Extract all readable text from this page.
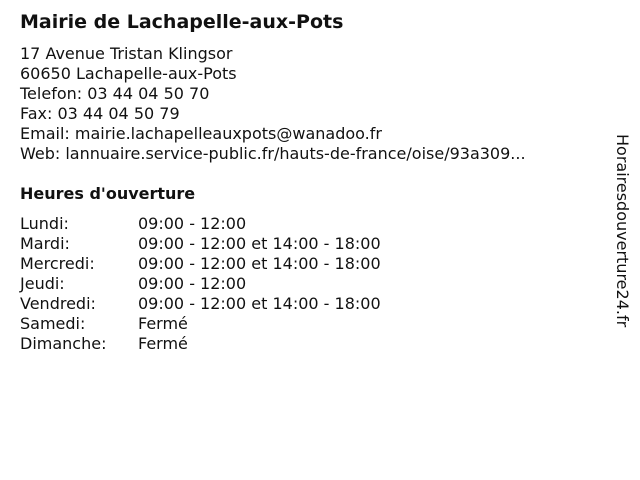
Mairie de Lachapelle-aux-Pots
17 Avenue Tristan Klingsor
60650 Lachapelle-aux-Pots
Telefon: 03 44 04 50 70
Fax: 03 44 04 50 79
Email: mairie.lachapelleauxpots@wanadoo.fr
Web: lannuaire.service-public.fr/hauts-de-france/oise/93a309...
Heures d'ouverture
Lundi:	09:00 - 12:00
Mardi:	09:00 - 12:00 et 14:00 - 18:00
Mercredi:	09:00 - 12:00 et 14:00 - 18:00
Jeudi:	09:00 - 12:00
Vendredi:	09:00 - 12:00 et 14:00 - 18:00
Samedi:	Fermé
Dimanche: Fermé
Horairesdouverture24.fr
